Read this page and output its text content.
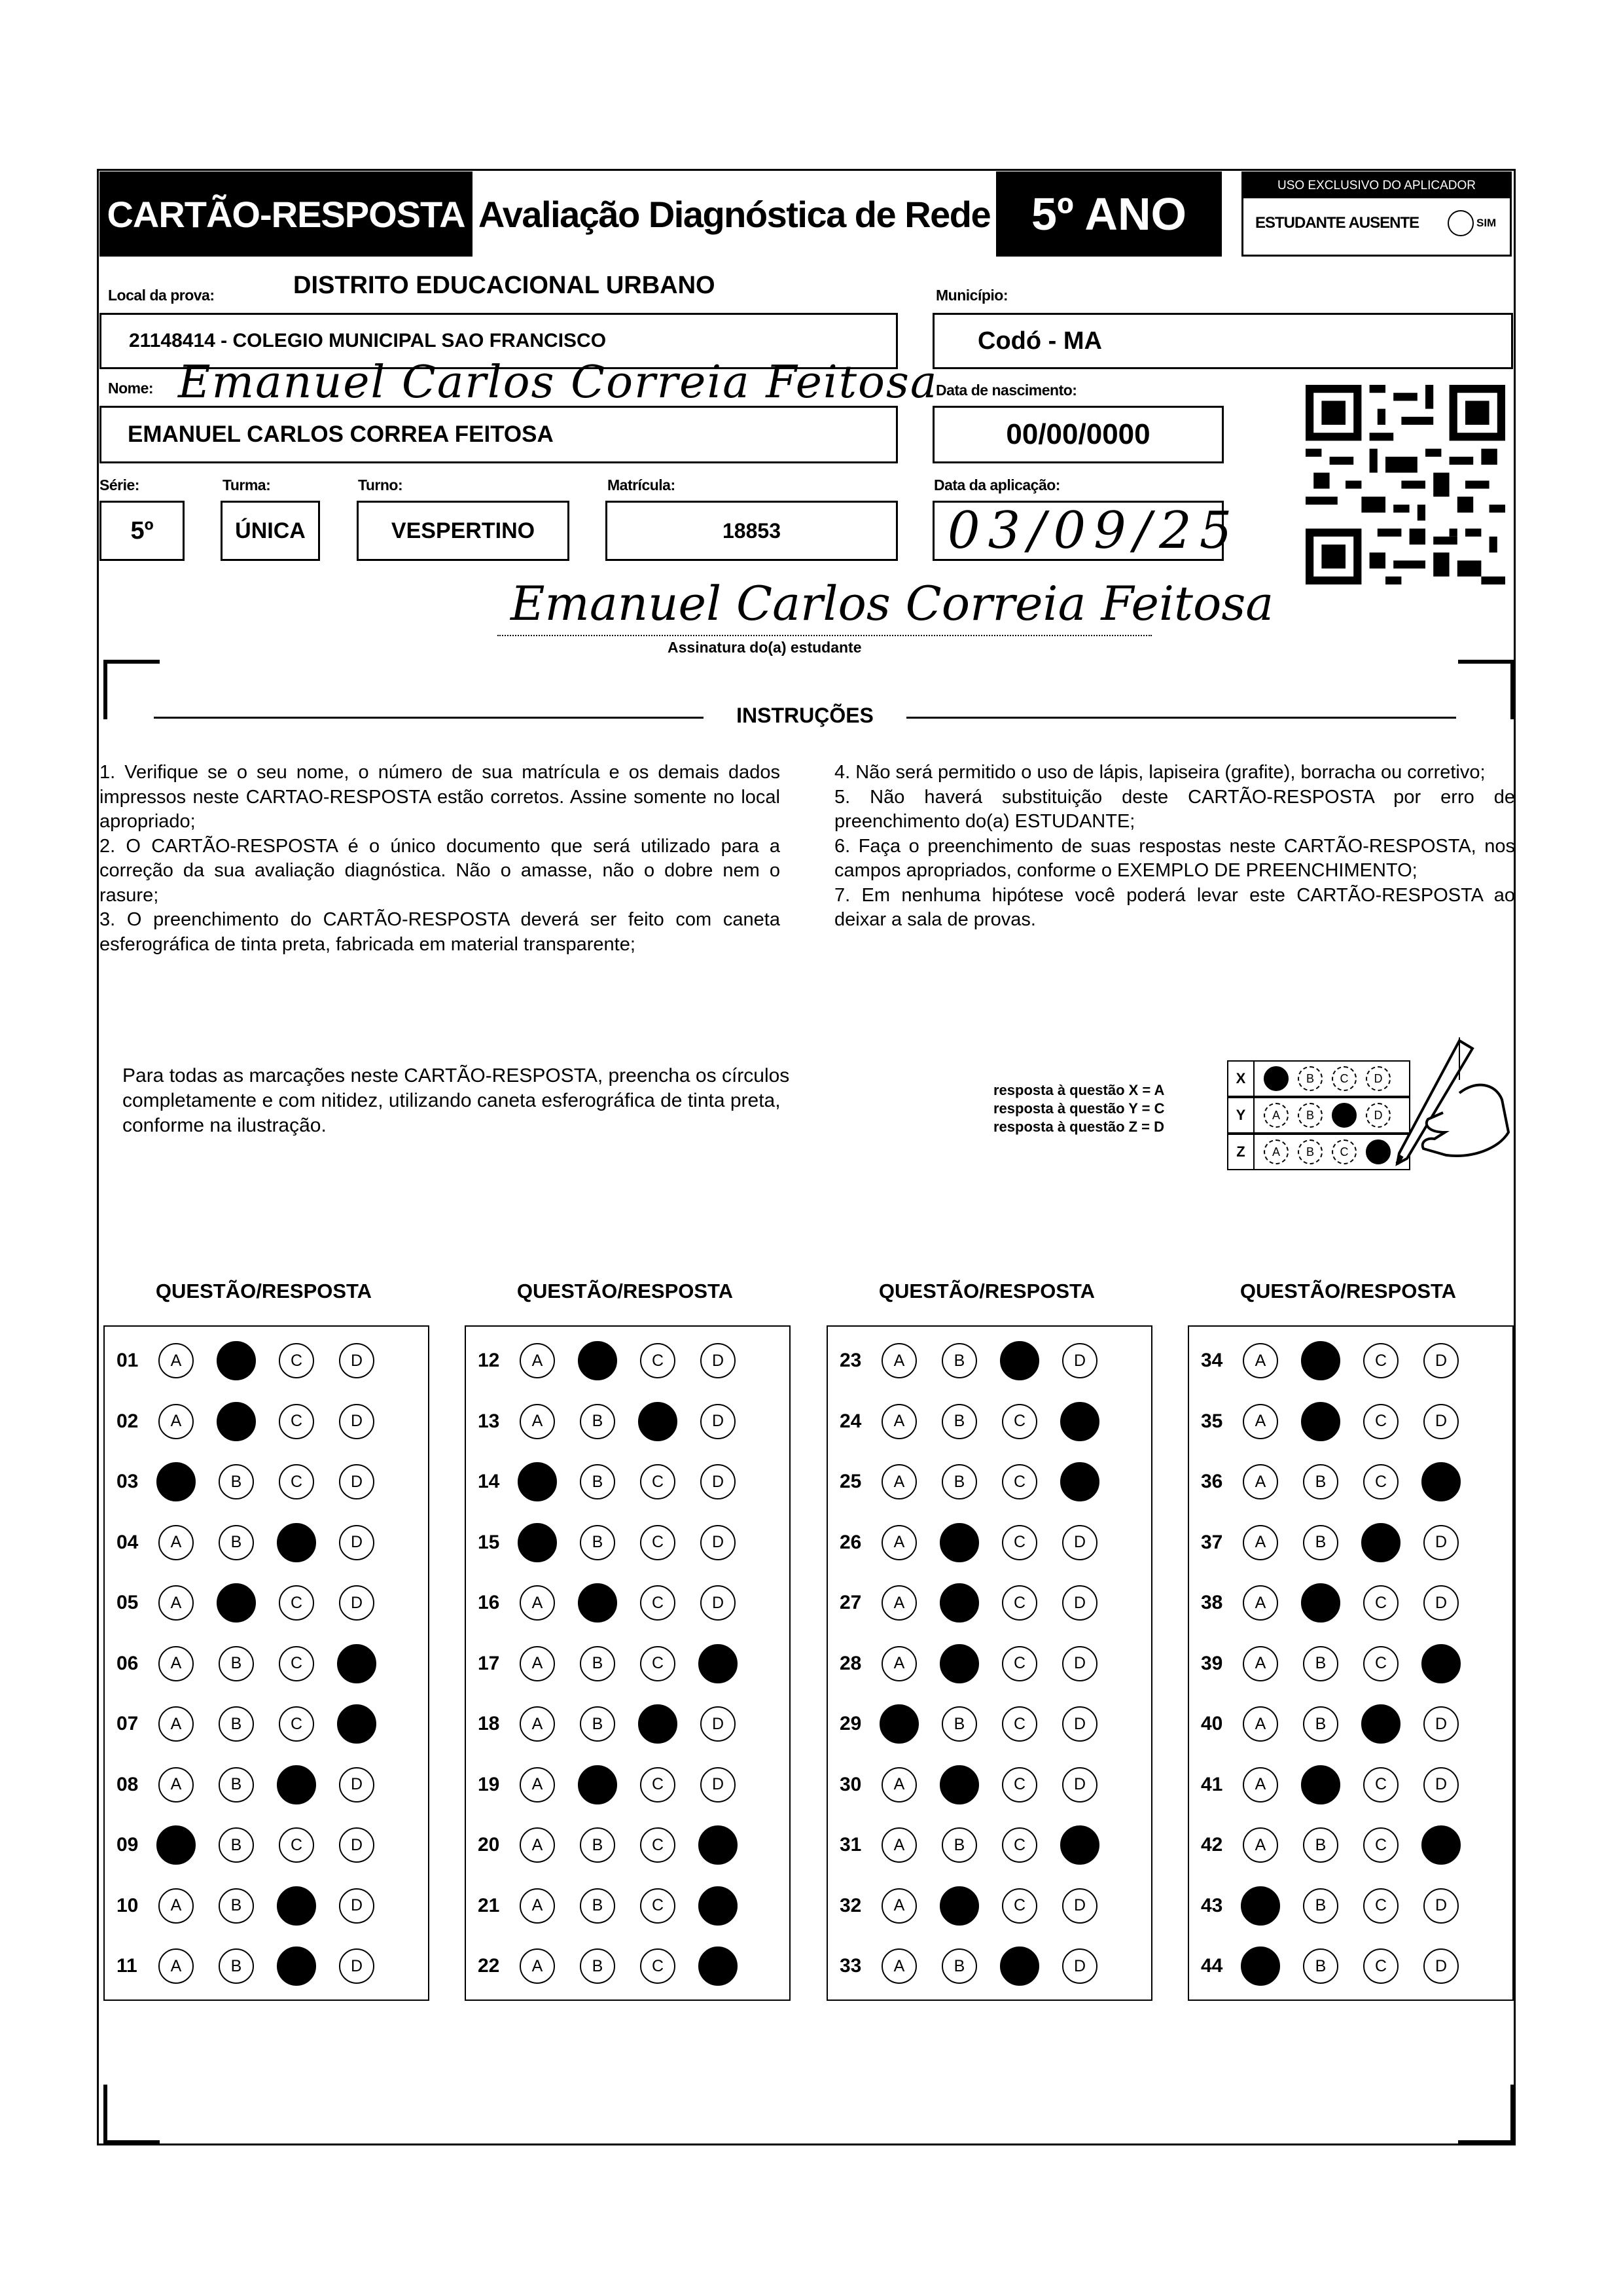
CARTÃO-RESPOSTA Avaliação Diagnóstica de Rede 5º ANO
USO EXCLUSIVO DO APLICADOR
ESTUDANTE AUSENTE	SIM
Local da prova:	DISTRITO EDUCACIONAL URBANO
21148414 - COLEGIO MUNICIPAL SAO FRANCISCO
Município:
Codó - MA
Nome: Emanuel Carlos Correia Feitosa
EMANUEL CARLOS CORREA FEITOSA
Data de nascimento:
00/00/0000
Série:
5º
Turma:
ÚNICA
Turno:
VESPERTINO
Matrícula:
18853
Data da aplicação:
03/09/25
Emanuel Carlos Correia Feitosa
Assinatura do(a) estudante
INSTRUÇÕES
1. Verifique se o seu nome, o número de sua matrícula e os demais dados impressos neste CARTAO-RESPOSTA estão corretos. Assine somente no local apropriado;
2. O CARTÃO-RESPOSTA é o único documento que será utilizado para a correção da sua avaliação diagnóstica. Não o amasse, não o dobre nem o rasure;
3. O preenchimento do CARTÃO-RESPOSTA deverá ser feito com caneta esferográfica de tinta preta, fabricada em material transparente;
4. Não será permitido o uso de lápis, lapiseira (grafite), borracha ou corretivo;
5. Não haverá substituição deste CARTÃO-RESPOSTA por erro de preenchimento do(a) ESTUDANTE;
6. Faça o preenchimento de suas respostas neste CARTÃO-RESPOSTA, nos campos apropriados, conforme o EXEMPLO DE PREENCHIMENTO;
7. Em nenhuma hipótese você poderá levar este CARTÃO-RESPOSTA ao deixar a sala de provas.
Para todas as marcações neste CARTÃO-RESPOSTA, preencha os círculos completamente e com nitidez, utilizando caneta esferográfica de tinta preta, conforme na ilustração.
resposta à questão X = A
resposta à questão Y = C
resposta à questão Z = D
X	A	B	C	D
Y	A	B	C	D
Z	A	B	C	D
QUESTÃO/RESPOSTA	QUESTÃO/RESPOSTA	QUESTÃO/RESPOSTA	QUESTÃO/RESPOSTA
01	A	B	C	D
02	A	B	C	D
03	A	B	C	D
04	A	B	C	D
05	A	B	C	D
06	A	B	C	D
07	A	B	C	D
08	A	B	C	D
09	A	B	C	D
10	A	B	C	D
11	A	B	C	D
12	A	B	C	D
13	A	B	C	D
14	A	B	C	D
15	A	B	C	D
16	A	B	C	D
17	A	B	C	D
18	A	B	C	D
19	A	B	C	D
20	A	B	C	D
21	A	B	C	D
22	A	B	C	D
23	A	B	C	D
24	A	B	C	D
25	A	B	C	D
26	A	B	C	D
27	A	B	C	D
28	A	B	C	D
29	A	B	C	D
30	A	B	C	D
31	A	B	C	D
32	A	B	C	D
33	A	B	C	D
34	A	B	C	D
35	A	B	C	D
36	A	B	C	D
37	A	B	C	D
38	A	B	C	D
39	A	B	C	D
40	A	B	C	D
41	A	B	C	D
42	A	B	C	D
43	A	B	C	D
44	A	B	C	D
